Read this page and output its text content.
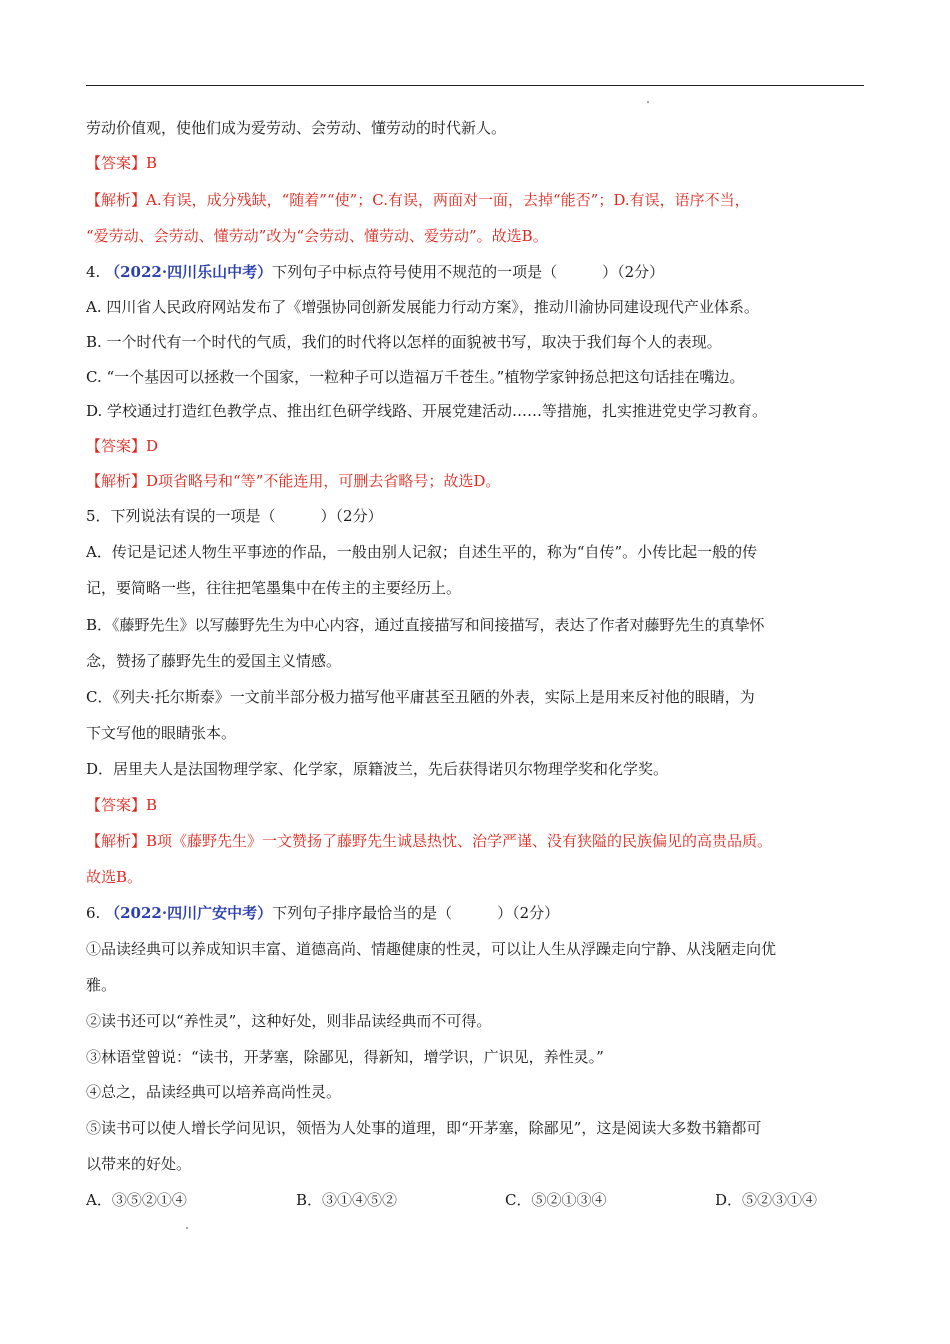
劳动价值观，使他们成为爱劳动、会劳动、懂劳动的时代新人。
【答案】B
【解析】A.有误，成分残缺，“随着”“使”；C.有误，两面对一面，去掉“能否”；D.有误，语序不当，
“爱劳动、会劳动、懂劳动”改为“会劳动、懂劳动、爱劳动”。故选B。
4. （2022·四川乐山中考）下列句子中标点符号使用不规范的一项是（　　　）（2分）
A. 四川省人民政府网站发布了《增强协同创新发展能力行动方案》，推动川渝协同建设现代产业体系。
B. 一个时代有一个时代的气质，我们的时代将以怎样的面貌被书写，取决于我们每个人的表现。
C. “一个基因可以拯救一个国家，一粒种子可以造福万千苍生。”植物学家钟扬总把这句话挂在嘴边。
D. 学校通过打造红色教学点、推出红色研学线路、开展党建活动……等措施，扎实推进党史学习教育。
【答案】D
【解析】D项省略号和“等”不能连用，可删去省略号；故选D。
5．下列说法有误的一项是（　　　）（2分）
A．传记是记述人物生平事迹的作品，一般由别人记叙；自述生平的，称为“自传”。小传比起一般的传
记，要简略一些，往往把笔墨集中在传主的主要经历上。
B．《藤野先生》以写藤野先生为中心内容，通过直接描写和间接描写，表达了作者对藤野先生的真挚怀
念，赞扬了藤野先生的爱国主义情感。
C．《列夫·托尔斯泰》一文前半部分极力描写他平庸甚至丑陋的外表，实际上是用来反衬他的眼睛，为
下文写他的眼睛张本。
D．居里夫人是法国物理学家、化学家，原籍波兰，先后获得诺贝尔物理学奖和化学奖。
【答案】B
【解析】B项《藤野先生》一文赞扬了藤野先生诚恳热忱、治学严谨、没有狭隘的民族偏见的高贵品质。
故选B。
6. （2022·四川广安中考）下列句子排序最恰当的是（　　　）（2分）
①品读经典可以养成知识丰富、道德高尚、情趣健康的性灵，可以让人生从浮躁走向宁静、从浅陋走向优
雅。
②读书还可以“养性灵”，这种好处，则非品读经典而不可得。
③林语堂曾说：“读书，开茅塞，除鄙见，得新知，增学识，广识见，养性灵。”
④总之，品读经典可以培养高尚性灵。
⑤读书可以使人增长学问见识，领悟为人处事的道理，即“开茅塞，除鄙见”，这是阅读大多数书籍都可
以带来的好处。
A．③⑤②①④	B．③①④⑤②	C．⑤②①③④	D．⑤②③①④
